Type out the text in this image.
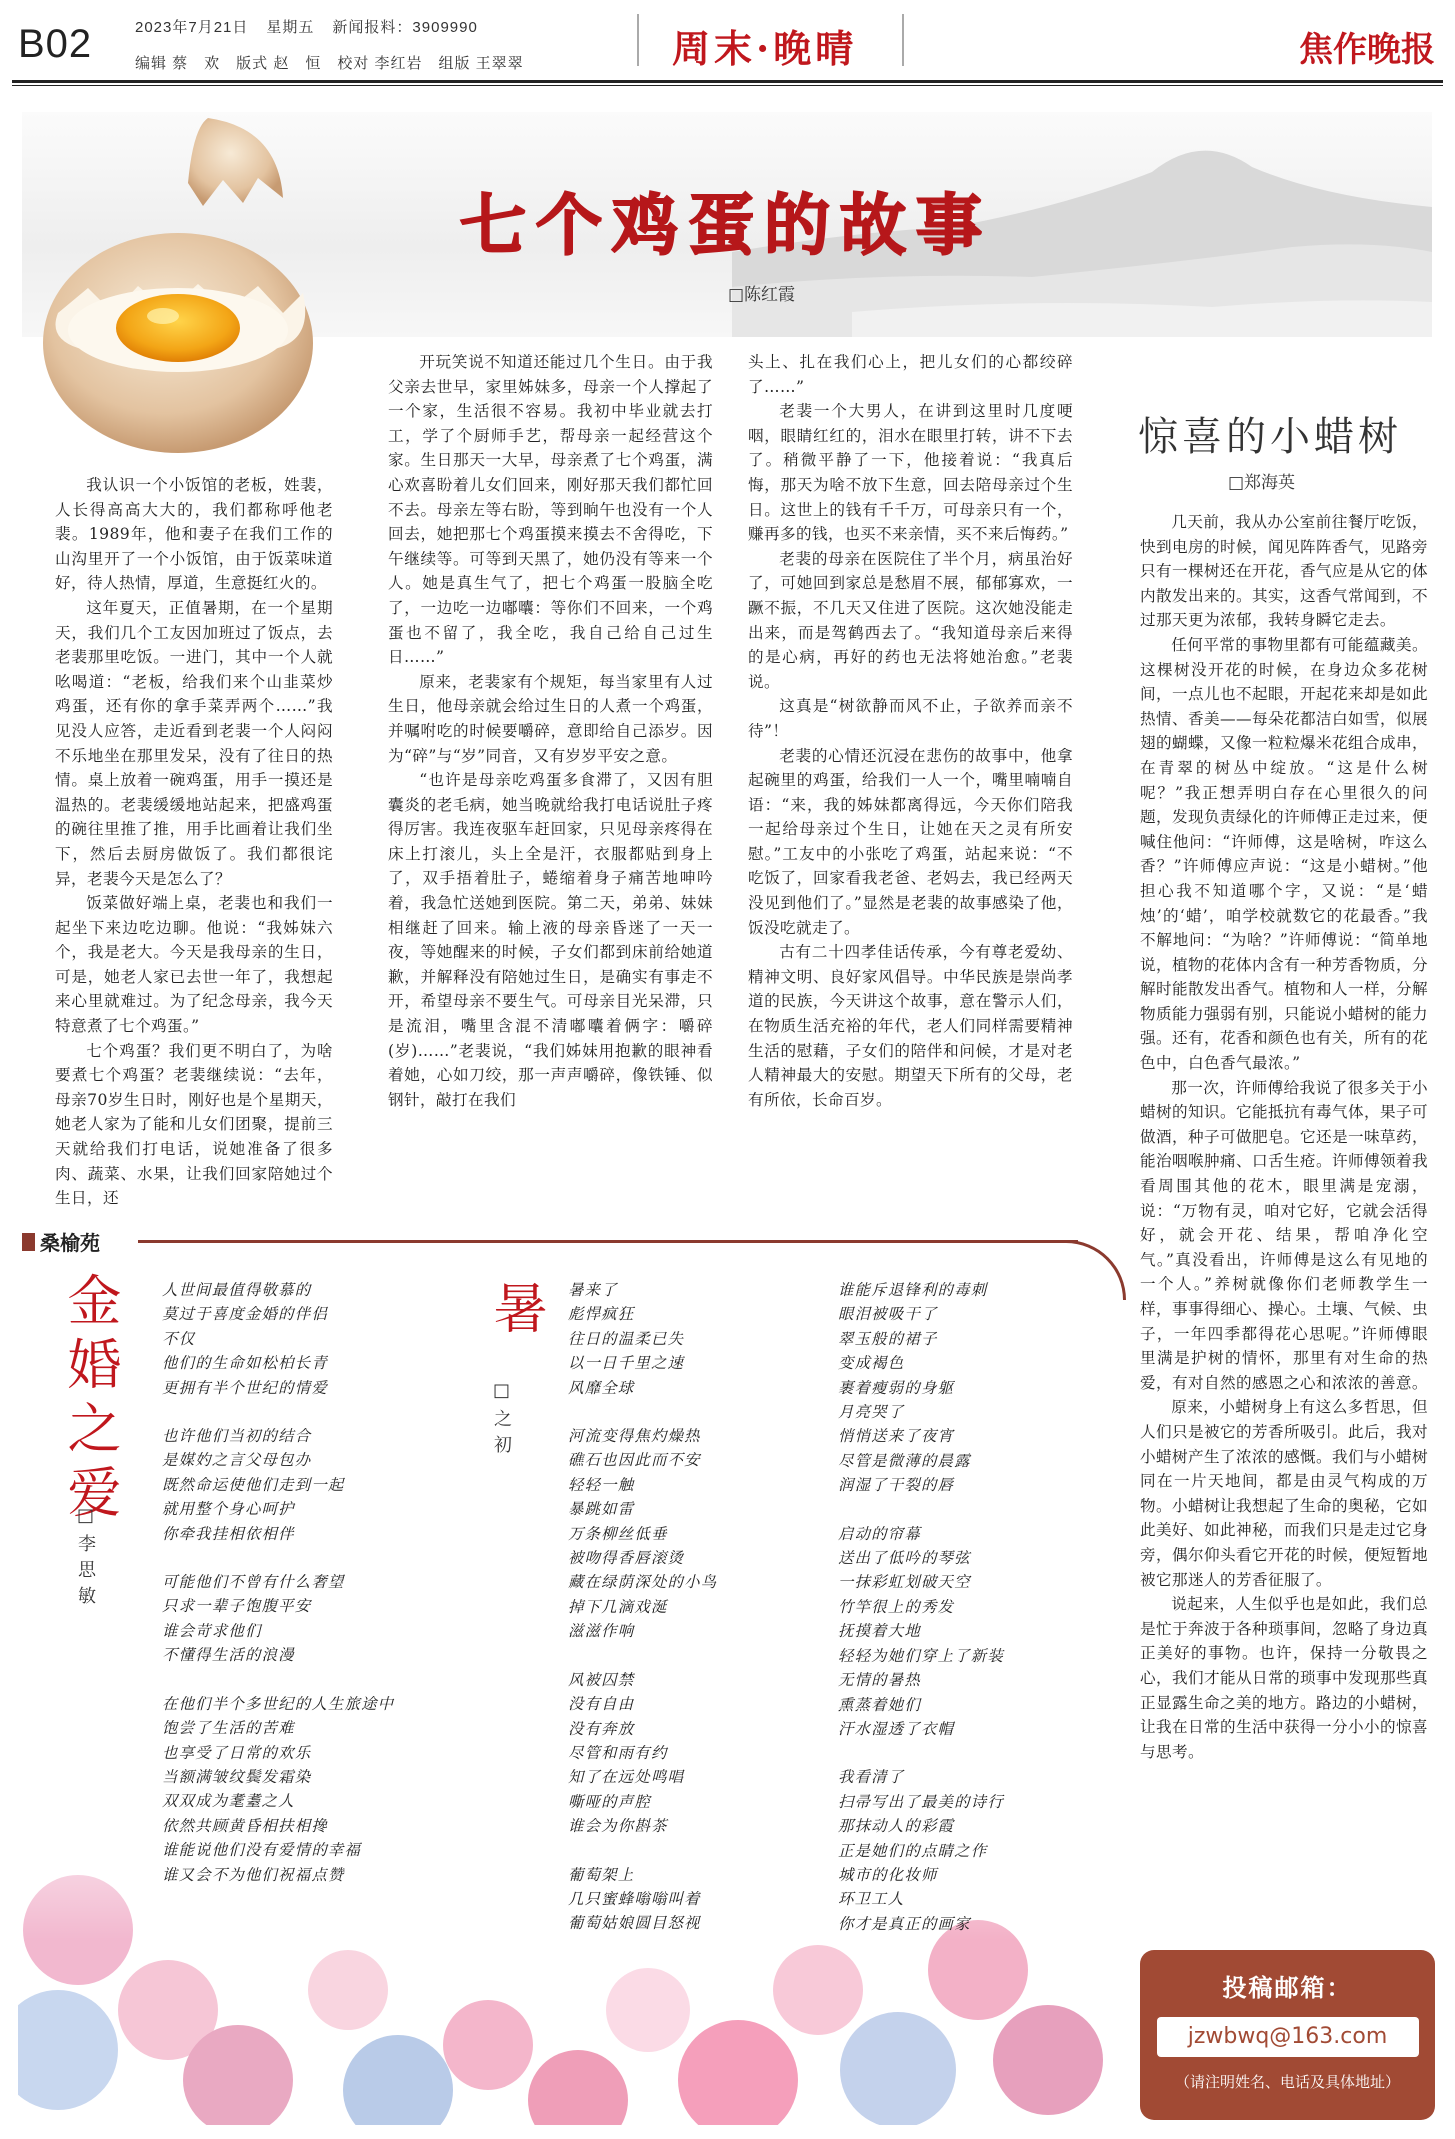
B02	2023年7月21日 星期五 新闻报料：3909990
编辑 蔡　欢 版式 赵　恒 校对 李红岩 组版 王翠翠	周末·晚晴	焦作晚报
七个鸡蛋的故事
□陈红霞

我认识一个小饭馆的老板，姓裴，人长得高高大大的，我们都称呼他老裴。1989年，他和妻子在我们工作的山沟里开了一个小饭馆，由于饭菜味道好，待人热情，厚道，生意挺红火的。

这年夏天，正值暑期，在一个星期天，我们几个工友因加班过了饭点，去老裴那里吃饭。一进门，其中一个人就吆喝道：“老板，给我们来个山韭菜炒鸡蛋，还有你的拿手菜弄两个……”我见没人应答，走近看到老裴一个人闷闷不乐地坐在那里发呆，没有了往日的热情。桌上放着一碗鸡蛋，用手一摸还是温热的。老裴缓缓地站起来，把盛鸡蛋的碗往里推了推，用手比画着让我们坐下，然后去厨房做饭了。我们都很诧异，老裴今天是怎么了？

饭菜做好端上桌，老裴也和我们一起坐下来边吃边聊。他说：“我姊妹六个，我是老大。今天是我母亲的生日，可是，她老人家已去世一年了，我想起来心里就难过。为了纪念母亲，我今天特意煮了七个鸡蛋。”

七个鸡蛋？我们更不明白了，为啥要煮七个鸡蛋？老裴继续说：“去年，母亲70岁生日时，刚好也是个星期天，她老人家为了能和儿女们团聚，提前三天就给我们打电话，说她准备了很多肉、蔬菜、水果，让我们回家陪她过个生日，还

开玩笑说不知道还能过几个生日。由于我父亲去世早，家里姊妹多，母亲一个人撑起了一个家，生活很不容易。我初中毕业就去打工，学了个厨师手艺，帮母亲一起经营这个家。生日那天一大早，母亲煮了七个鸡蛋，满心欢喜盼着儿女们回来，刚好那天我们都忙回不去。母亲左等右盼，等到晌午也没有一个人回去，她把那七个鸡蛋摸来摸去不舍得吃，下午继续等。可等到天黑了，她仍没有等来一个人。她是真生气了，把七个鸡蛋一股脑全吃了，一边吃一边嘟囔：等你们不回来，一个鸡蛋也不留了，我全吃，我自己给自己过生日……”

原来，老裴家有个规矩，每当家里有人过生日，他母亲就会给过生日的人煮一个鸡蛋，并嘱咐吃的时候要嚼碎，意即给自己添岁。因为“碎”与“岁”同音，又有岁岁平安之意。

“也许是母亲吃鸡蛋多食滞了，又因有胆囊炎的老毛病，她当晚就给我打电话说肚子疼得厉害。我连夜驱车赶回家，只见母亲疼得在床上打滚儿，头上全是汗，衣服都贴到身上了，双手捂着肚子，蜷缩着身子痛苦地呻吟着，我急忙送她到医院。第二天，弟弟、妹妹相继赶了回来。输上液的母亲昏迷了一天一夜，等她醒来的时候，子女们都到床前给她道歉，并解释没有陪她过生日，是确实有事走不开，希望母亲不要生气。可母亲目光呆滞，只是流泪，嘴里含混不清嘟囔着俩字：嚼碎(岁)……”老裴说，“我们姊妹用抱歉的眼神看着她，心如刀绞，那一声声嚼碎，像铁锤、似钢针，敲打在我们

头上、扎在我们心上，把儿女们的心都绞碎了……”

老裴一个大男人，在讲到这里时几度哽咽，眼睛红红的，泪水在眼里打转，讲不下去了。稍微平静了一下，他接着说：“我真后悔，那天为啥不放下生意，回去陪母亲过个生日。这世上的钱有千千万，可母亲只有一个，赚再多的钱，也买不来亲情，买不来后悔药。”

老裴的母亲在医院住了半个月，病虽治好了，可她回到家总是愁眉不展，郁郁寡欢，一蹶不振，不几天又住进了医院。这次她没能走出来，而是驾鹤西去了。“我知道母亲后来得的是心病，再好的药也无法将她治愈。”老裴说。

这真是“树欲静而风不止，子欲养而亲不待”！

老裴的心情还沉浸在悲伤的故事中，他拿起碗里的鸡蛋，给我们一人一个，嘴里喃喃自语：“来，我的姊妹都离得远，今天你们陪我一起给母亲过个生日，让她在天之灵有所安慰。”工友中的小张吃了鸡蛋，站起来说：“不吃饭了，回家看我老爸、老妈去，我已经两天没见到他们了。”显然是老裴的故事感染了他，饭没吃就走了。

古有二十四孝佳话传承，今有尊老爱幼、精神文明、良好家风倡导。中华民族是崇尚孝道的民族，今天讲这个故事，意在警示人们，在物质生活充裕的年代，老人们同样需要精神生活的慰藉，子女们的陪伴和问候，才是对老人精神最大的安慰。期望天下所有的父母，老有所依，长命百岁。

惊喜的小蜡树
□郑海英

几天前，我从办公室前往餐厅吃饭，快到电房的时候，闻见阵阵香气，见路旁只有一棵树还在开花，香气应是从它的体内散发出来的。其实，这香气常闻到，不过那天更为浓郁，我转身瞬它走去。

任何平常的事物里都有可能蕴藏美。这棵树没开花的时候，在身边众多花树间，一点儿也不起眼，开起花来却是如此热情、香美——每朵花都洁白如雪，似展翅的蝴蝶，又像一粒粒爆米花组合成串，在青翠的树丛中绽放。“这是什么树呢？”我正想弄明白存在心里很久的问题，发现负责绿化的许师傅正走过来，便喊住他问：“许师傅，这是啥树，咋这么香？”许师傅应声说：“这是小蜡树。”他担心我不知道哪个字，又说：“是‘蜡烛’的‘蜡’，咱学校就数它的花最香。”我不解地问：“为啥？”许师傅说：“简单地说，植物的花体内含有一种芳香物质，分解时能散发出香气。植物和人一样，分解物质能力强弱有别，只能说小蜡树的能力强。还有，花香和颜色也有关，所有的花色中，白色香气最浓。”

那一次，许师傅给我说了很多关于小蜡树的知识。它能抵抗有毒气体，果子可做酒，种子可做肥皂。它还是一味草药，能治咽喉肿痛、口舌生疮。许师傅领着我看周围其他的花木，眼里满是宠溺，说：“万物有灵，咱对它好，它就会活得好，就会开花、结果，帮咱净化空气。”真没看出，许师傅是这么有见地的一个人。”养树就像你们老师教学生一样，事事得细心、操心。土壤、气候、虫子，一年四季都得花心思呢。”许师傅眼里满是护树的情怀，那里有对生命的热爱，有对自然的感恩之心和浓浓的善意。

原来，小蜡树身上有这么多哲思，但人们只是被它的芳香所吸引。此后，我对小蜡树产生了浓浓的感慨。我们与小蜡树同在一片天地间，都是由灵气构成的万物。小蜡树让我想起了生命的奥秘，它如此美好、如此神秘，而我们只是走过它身旁，偶尔仰头看它开花的时候，便短暂地被它那迷人的芳香征服了。

说起来，人生似乎也是如此，我们总是忙于奔波于各种琐事间，忽略了身边真正美好的事物。也许，保持一分敬畏之心，我们才能从日常的琐事中发现那些真正显露生命之美的地方。路边的小蜡树，让我在日常的生活中获得一分小小的惊喜与思考。

桑榆苑
金婚之爱
□李思敏
人世间最值得敬慕的
莫过于喜度金婚的伴侣
不仅
他们的生命如松柏长青
更拥有半个世纪的情爱
也许他们当初的结合
是媒妁之言父母包办
既然命运使他们走到一起
就用整个身心呵护
你牵我挂相依相伴
可能他们不曾有什么奢望
只求一辈子饱腹平安
谁会苛求他们
不懂得生活的浪漫
在他们半个多世纪的人生旅途中
饱尝了生活的苦难
也享受了日常的欢乐
当额满皱纹鬓发霜染
双双成为耄耋之人
依然共顾黄昏相扶相搀
谁能说他们没有爱情的幸福
谁又会不为他们祝福点赞
暑
□之初
暑来了
彪悍疯狂
往日的温柔已失
以一日千里之速
风靡全球
河流变得焦灼燥热
礁石也因此而不安
轻轻一触
暴跳如雷
万条柳丝低垂
被吻得香唇滚烫
藏在绿荫深处的小鸟
掉下几滴戏涎
滋滋作响
风被囚禁
没有自由
没有奔放
尽管和雨有约
知了在远处鸣唱
嘶哑的声腔
谁会为你斟茶
葡萄架上
几只蜜蜂嗡嗡叫着
葡萄姑娘圆目怒视
谁能斥退锋利的毒刺
眼泪被吸干了
翠玉般的裙子
变成褐色
裹着瘦弱的身躯
月亮哭了
悄悄送来了夜宵
尽管是微薄的晨露
润湿了干裂的唇
启动的帘幕
送出了低吟的琴弦
一抹彩虹划破天空
竹竿很上的秀发
抚摸着大地
轻轻为她们穿上了新装
无情的暑热
熏蒸着她们
汗水湿透了衣帽
我看清了
扫帚写出了最美的诗行
那抹动人的彩霞
正是她们的点睛之作
城市的化妆师
环卫工人
你才是真正的画家
投稿邮箱：
jzwbwq@163.com
（请注明姓名、电话及具体地址）
